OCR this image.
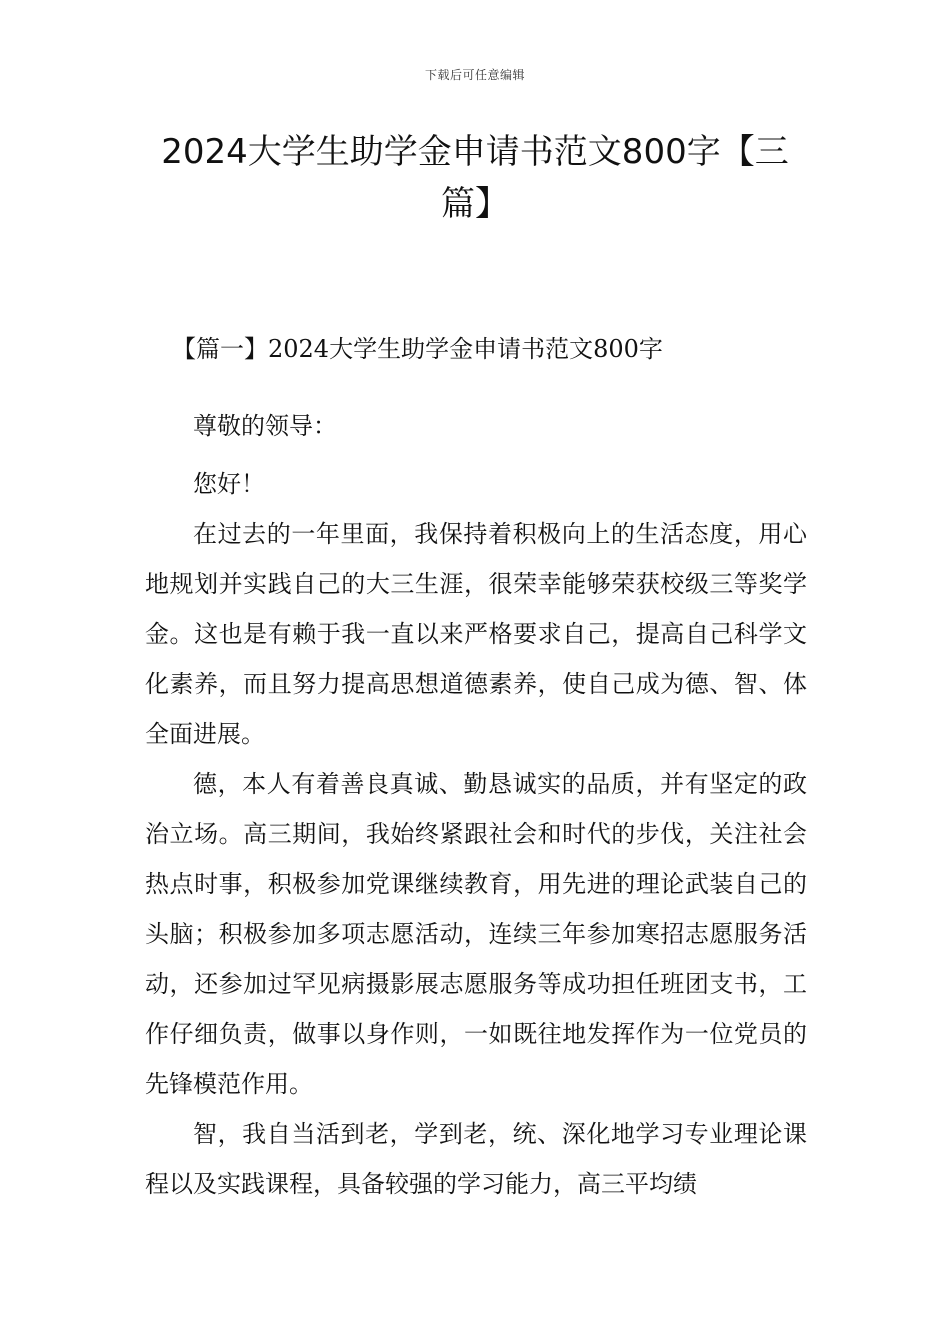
下载后可任意编辑
2024大学生助学金申请书范文800字【三篇】
【篇一】2024大学生助学金申请书范文800字

尊敬的领导：

您好！

在过去的一年里面，我保持着积极向上的生活态度，用心地规划并实践自己的大三生涯，很荣幸能够荣获校级三等奖学金。这也是有赖于我一直以来严格要求自己，提高自己科学文化素养，而且努力提高思想道德素养，使自己成为德、智、体全面进展。

德，本人有着善良真诚、勤恳诚实的品质，并有坚定的政治立场。高三期间，我始终紧跟社会和时代的步伐，关注社会热点时事，积极参加党课继续教育，用先进的理论武装自己的头脑；积极参加多项志愿活动，连续三年参加寒招志愿服务活动，还参加过罕见病摄影展志愿服务等成功担任班团支书，工作仔细负责，做事以身作则，一如既往地发挥作为一位党员的先锋模范作用。

智，我自当活到老，学到老，统、深化地学习专业理论课程以及实践课程，具备较强的学习能力，高三平均绩
